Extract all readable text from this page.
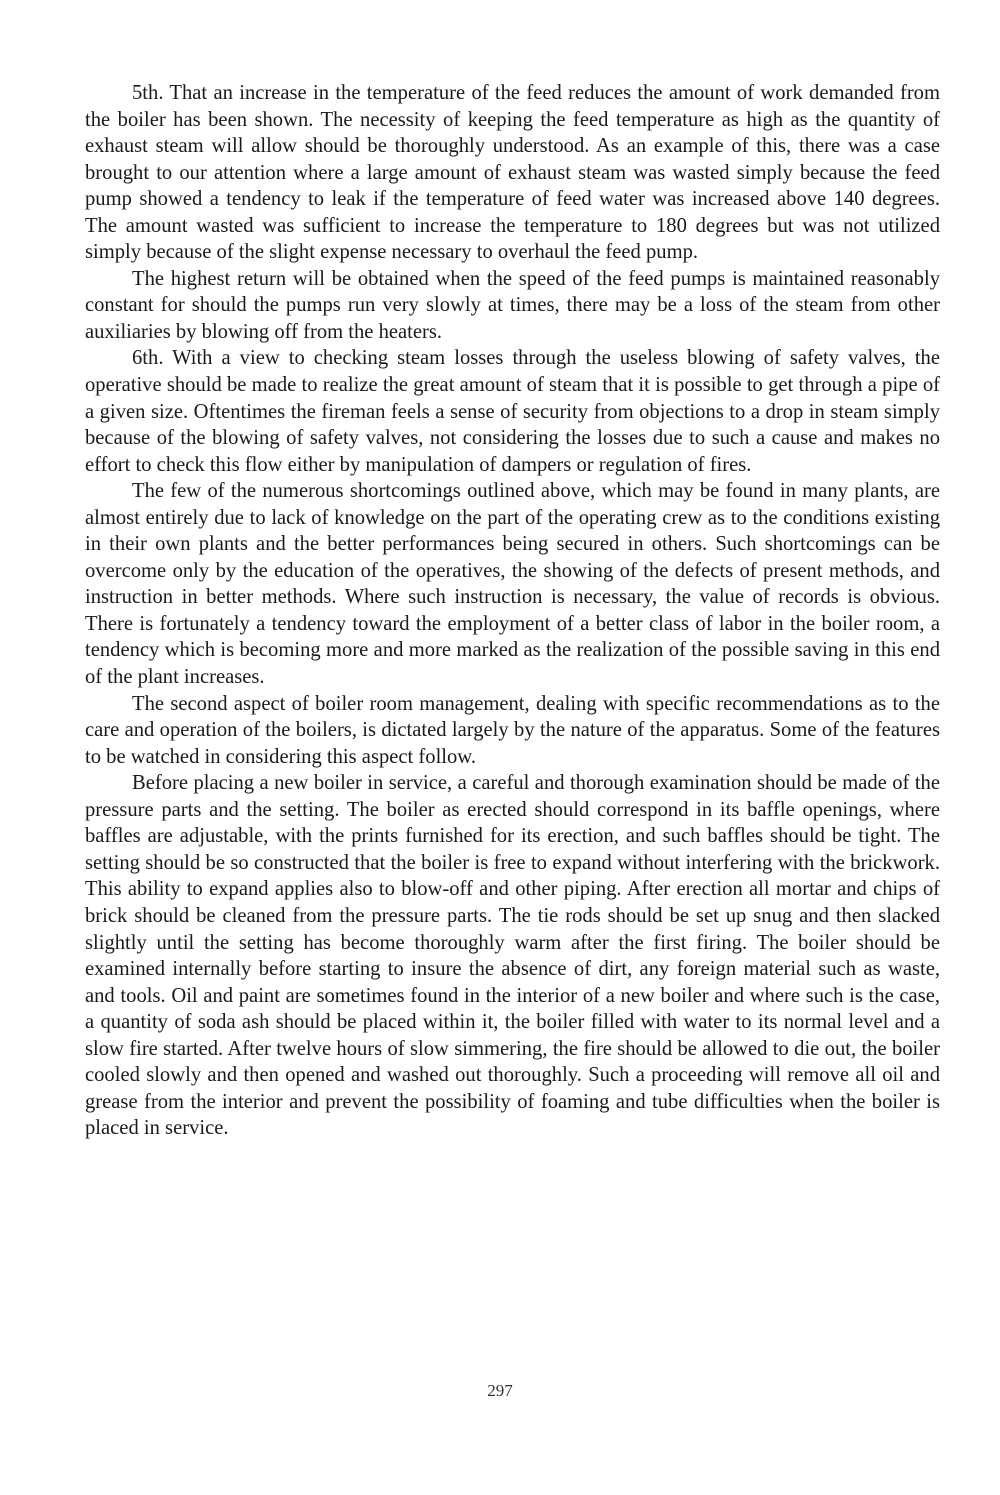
5th. That an increase in the temperature of the feed reduces the amount of work demanded from the boiler has been shown. The necessity of keeping the feed temperature as high as the quantity of exhaust steam will allow should be thoroughly understood. As an example of this, there was a case brought to our attention where a large amount of exhaust steam was wasted simply because the feed pump showed a tendency to leak if the temperature of feed water was increased above 140 degrees. The amount wasted was sufficient to increase the temperature to 180 degrees but was not utilized simply because of the slight expense necessary to overhaul the feed pump.

The highest return will be obtained when the speed of the feed pumps is maintained reasonably constant for should the pumps run very slowly at times, there may be a loss of the steam from other auxiliaries by blowing off from the heaters.

6th. With a view to checking steam losses through the useless blowing of safety valves, the operative should be made to realize the great amount of steam that it is possible to get through a pipe of a given size. Oftentimes the fireman feels a sense of security from objections to a drop in steam simply because of the blowing of safety valves, not considering the losses due to such a cause and makes no effort to check this flow either by manipulation of dampers or regulation of fires.

The few of the numerous shortcomings outlined above, which may be found in many plants, are almost entirely due to lack of knowledge on the part of the operating crew as to the conditions existing in their own plants and the better performances being secured in others. Such shortcomings can be overcome only by the education of the operatives, the showing of the defects of present methods, and instruction in better methods. Where such instruction is necessary, the value of records is obvious. There is fortunately a tendency toward the employment of a better class of labor in the boiler room, a tendency which is becoming more and more marked as the realization of the possible saving in this end of the plant increases.

The second aspect of boiler room management, dealing with specific recommendations as to the care and operation of the boilers, is dictated largely by the nature of the apparatus. Some of the features to be watched in considering this aspect follow.

Before placing a new boiler in service, a careful and thorough examination should be made of the pressure parts and the setting. The boiler as erected should correspond in its baffle openings, where baffles are adjustable, with the prints furnished for its erection, and such baffles should be tight. The setting should be so constructed that the boiler is free to expand without interfering with the brickwork. This ability to expand applies also to blow-off and other piping. After erection all mortar and chips of brick should be cleaned from the pressure parts. The tie rods should be set up snug and then slacked slightly until the setting has become thoroughly warm after the first firing. The boiler should be examined internally before starting to insure the absence of dirt, any foreign material such as waste, and tools. Oil and paint are sometimes found in the interior of a new boiler and where such is the case, a quantity of soda ash should be placed within it, the boiler filled with water to its normal level and a slow fire started. After twelve hours of slow simmering, the fire should be allowed to die out, the boiler cooled slowly and then opened and washed out thoroughly. Such a proceeding will remove all oil and grease from the interior and prevent the possibility of foaming and tube difficulties when the boiler is placed in service.

297
